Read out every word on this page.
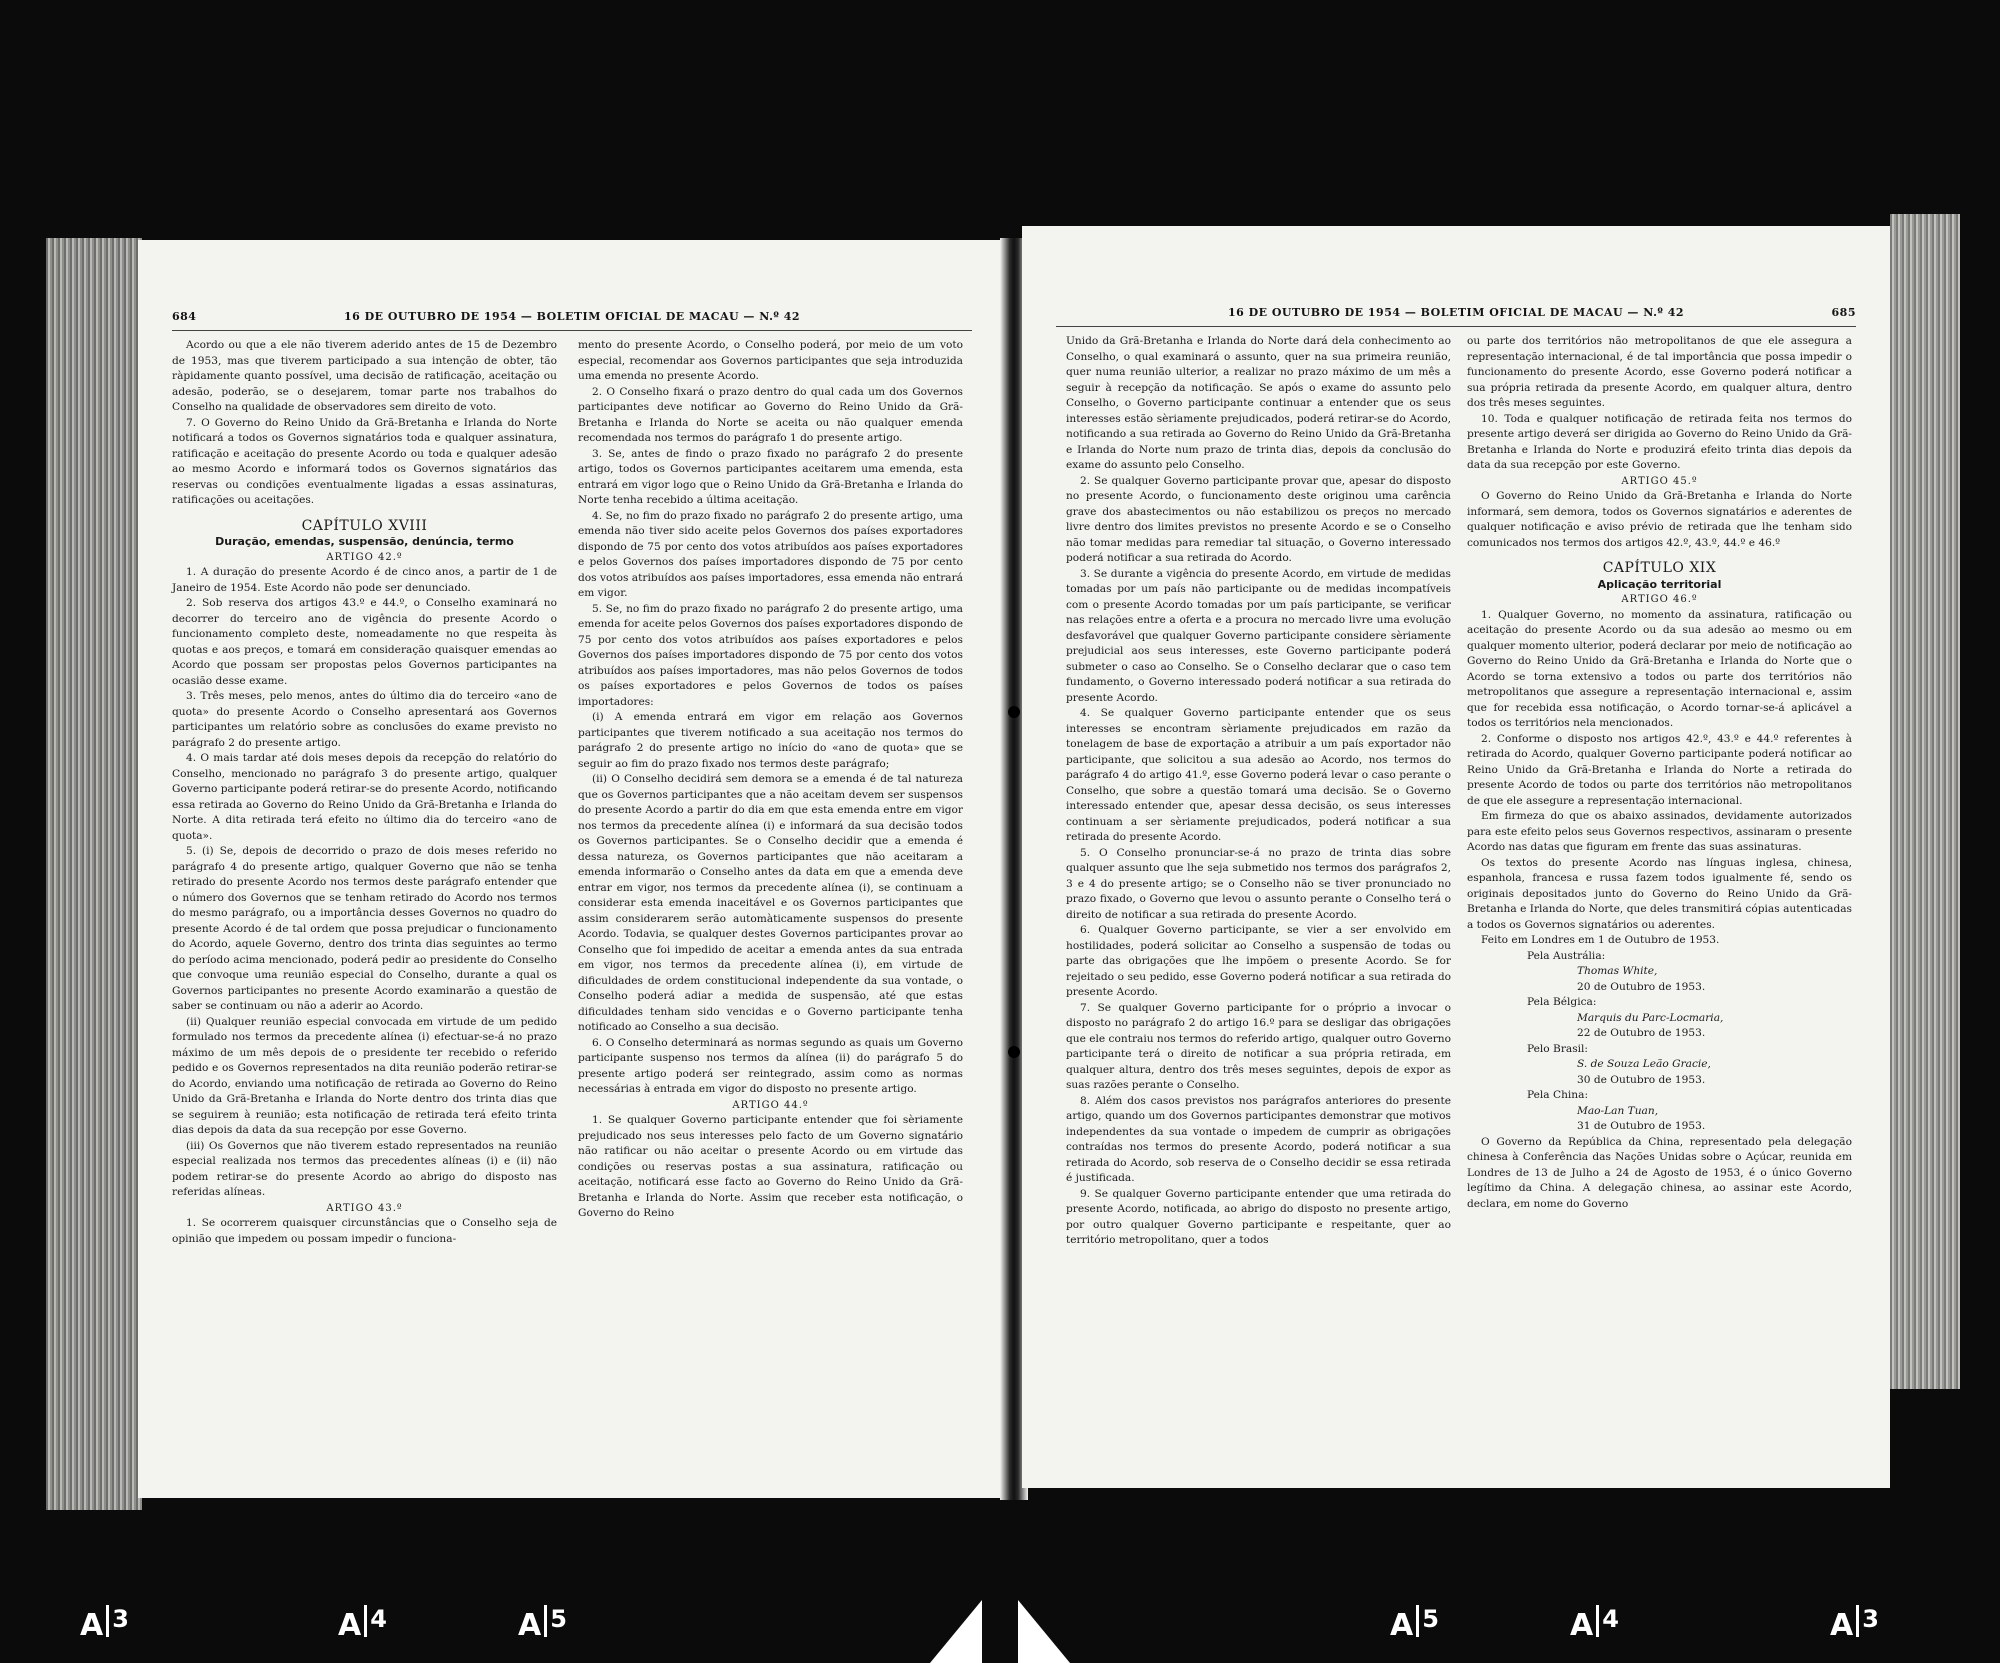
684	16 DE OUTUBRO DE 1954 — BOLETIM OFICIAL DE MACAU — N.º 42

Acordo ou que a ele não tiverem aderido antes de 15 de Dezembro de 1953, mas que tiverem participado a sua intenção de obter, tão ràpidamente quanto possível, uma decisão de ratificação, aceitação ou adesão, poderão, se o desejarem, tomar parte nos trabalhos do Conselho na qualidade de observadores sem direito de voto.

7. O Governo do Reino Unido da Grã-Bretanha e Irlanda do Norte notificará a todos os Governos signatários toda e qualquer assinatura, ratificação e aceitação do presente Acordo ou toda e qualquer adesão ao mesmo Acordo e informará todos os Governos signatários das reservas ou condições eventualmente ligadas a essas assinaturas, ratificações ou aceitações.

CAPÍTULO XVIII

Duração, emendas, suspensão, denúncia, termo

ARTIGO 42.º

1. A duração do presente Acordo é de cinco anos, a partir de 1 de Janeiro de 1954. Este Acordo não pode ser denunciado.

2. Sob reserva dos artigos 43.º e 44.º, o Conselho examinará no decorrer do terceiro ano de vigência do presente Acordo o funcionamento completo deste, nomeadamente no que respeita às quotas e aos preços, e tomará em consideração quaisquer emendas ao Acordo que possam ser propostas pelos Governos participantes na ocasião desse exame.

3. Três meses, pelo menos, antes do último dia do terceiro «ano de quota» do presente Acordo o Conselho apresentará aos Governos participantes um relatório sobre as conclusões do exame previsto no parágrafo 2 do presente artigo.

4. O mais tardar até dois meses depois da recepção do relatório do Conselho, mencionado no parágrafo 3 do presente artigo, qualquer Governo participante poderá retirar-se do presente Acordo, notificando essa retirada ao Governo do Reino Unido da Grã-Bretanha e Irlanda do Norte. A dita retirada terá efeito no último dia do terceiro «ano de quota».

5. (i) Se, depois de decorrido o prazo de dois meses referido no parágrafo 4 do presente artigo, qualquer Governo que não se tenha retirado do presente Acordo nos termos deste parágrafo entender que o número dos Governos que se tenham retirado do Acordo nos termos do mesmo parágrafo, ou a importância desses Governos no quadro do presente Acordo é de tal ordem que possa prejudicar o funcionamento do Acordo, aquele Governo, dentro dos trinta dias seguintes ao termo do período acima mencionado, poderá pedir ao presidente do Conselho que convoque uma reunião especial do Conselho, durante a qual os Governos participantes no presente Acordo examinarão a questão de saber se continuam ou não a aderir ao Acordo.

(ii) Qualquer reunião especial convocada em virtude de um pedido formulado nos termos da precedente alínea (i) efectuar-se-á no prazo máximo de um mês depois de o presidente ter recebido o referido pedido e os Governos representados na dita reunião poderão retirar-se do Acordo, enviando uma notificação de retirada ao Governo do Reino Unido da Grã-Bretanha e Irlanda do Norte dentro dos trinta dias que se seguirem à reunião; esta notificação de retirada terá efeito trinta dias depois da data da sua recepção por esse Governo.

(iii) Os Governos que não tiverem estado representados na reunião especial realizada nos termos das precedentes alíneas (i) e (ii) não podem retirar-se do presente Acordo ao abrigo do disposto nas referidas alíneas.

ARTIGO 43.º

1. Se ocorrerem quaisquer circunstâncias que o Conselho seja de opinião que impedem ou possam impedir o funciona-

mento do presente Acordo, o Conselho poderá, por meio de um voto especial, recomendar aos Governos participantes que seja introduzida uma emenda no presente Acordo.

2. O Conselho fixará o prazo dentro do qual cada um dos Governos participantes deve notificar ao Governo do Reino Unido da Grã-Bretanha e Irlanda do Norte se aceita ou não qualquer emenda recomendada nos termos do parágrafo 1 do presente artigo.

3. Se, antes de findo o prazo fixado no parágrafo 2 do presente artigo, todos os Governos participantes aceitarem uma emenda, esta entrará em vigor logo que o Reino Unido da Grã-Bretanha e Irlanda do Norte tenha recebido a última aceitação.

4. Se, no fim do prazo fixado no parágrafo 2 do presente artigo, uma emenda não tiver sido aceite pelos Governos dos países exportadores dispondo de 75 por cento dos votos atribuídos aos países exportadores e pelos Governos dos países importadores dispondo de 75 por cento dos votos atribuídos aos países importadores, essa emenda não entrará em vigor.

5. Se, no fim do prazo fixado no parágrafo 2 do presente artigo, uma emenda for aceite pelos Governos dos países exportadores dispondo de 75 por cento dos votos atribuídos aos países exportadores e pelos Governos dos países importadores dispondo de 75 por cento dos votos atribuídos aos países importadores, mas não pelos Governos de todos os países exportadores e pelos Governos de todos os países importadores:

(i) A emenda entrará em vigor em relação aos Governos participantes que tiverem notificado a sua aceitação nos termos do parágrafo 2 do presente artigo no início do «ano de quota» que se seguir ao fim do prazo fixado nos termos deste parágrafo;

(ii) O Conselho decidirá sem demora se a emenda é de tal natureza que os Governos participantes que a não aceitam devem ser suspensos do presente Acordo a partir do dia em que esta emenda entre em vigor nos termos da precedente alínea (i) e informará da sua decisão todos os Governos participantes. Se o Conselho decidir que a emenda é dessa natureza, os Governos participantes que não aceitaram a emenda informarão o Conselho antes da data em que a emenda deve entrar em vigor, nos termos da precedente alínea (i), se continuam a considerar esta emenda inaceitável e os Governos participantes que assim considerarem serão automàticamente suspensos do presente Acordo. Todavia, se qualquer destes Governos participantes provar ao Conselho que foi impedido de aceitar a emenda antes da sua entrada em vigor, nos termos da precedente alínea (i), em virtude de dificuldades de ordem constitucional independente da sua vontade, o Conselho poderá adiar a medida de suspensão, até que estas dificuldades tenham sido vencidas e o Governo participante tenha notificado ao Conselho a sua decisão.

6. O Conselho determinará as normas segundo as quais um Governo participante suspenso nos termos da alínea (ii) do parágrafo 5 do presente artigo poderá ser reintegrado, assim como as normas necessárias à entrada em vigor do disposto no presente artigo.

ARTIGO 44.º

1. Se qualquer Governo participante entender que foi sèriamente prejudicado nos seus interesses pelo facto de um Governo signatário não ratificar ou não aceitar o presente Acordo ou em virtude das condições ou reservas postas a sua assinatura, ratificação ou aceitação, notificará esse facto ao Governo do Reino Unido da Grã-Bretanha e Irlanda do Norte. Assim que receber esta notificação, o Governo do Reino

16 DE OUTUBRO DE 1954 — BOLETIM OFICIAL DE MACAU — N.º 42	685

Unido da Grã-Bretanha e Irlanda do Norte dará dela conhecimento ao Conselho, o qual examinará o assunto, quer na sua primeira reunião, quer numa reunião ulterior, a realizar no prazo máximo de um mês a seguir à recepção da notificação. Se após o exame do assunto pelo Conselho, o Governo participante continuar a entender que os seus interesses estão sèriamente prejudicados, poderá retirar-se do Acordo, notificando a sua retirada ao Governo do Reino Unido da Grã-Bretanha e Irlanda do Norte num prazo de trinta dias, depois da conclusão do exame do assunto pelo Conselho.

2. Se qualquer Governo participante provar que, apesar do disposto no presente Acordo, o funcionamento deste originou uma carência grave dos abastecimentos ou não estabilizou os preços no mercado livre dentro dos limites previstos no presente Acordo e se o Conselho não tomar medidas para remediar tal situação, o Governo interessado poderá notificar a sua retirada do Acordo.

3. Se durante a vigência do presente Acordo, em virtude de medidas tomadas por um país não participante ou de medidas incompatíveis com o presente Acordo tomadas por um país participante, se verificar nas relações entre a oferta e a procura no mercado livre uma evolução desfavorável que qualquer Governo participante considere sèriamente prejudicial aos seus interesses, este Governo participante poderá submeter o caso ao Conselho. Se o Conselho declarar que o caso tem fundamento, o Governo interessado poderá notificar a sua retirada do presente Acordo.

4. Se qualquer Governo participante entender que os seus interesses se encontram sèriamente prejudicados em razão da tonelagem de base de exportação a atribuir a um país exportador não participante, que solicitou a sua adesão ao Acordo, nos termos do parágrafo 4 do artigo 41.º, esse Governo poderá levar o caso perante o Conselho, que sobre a questão tomará uma decisão. Se o Governo interessado entender que, apesar dessa decisão, os seus interesses continuam a ser sèriamente prejudicados, poderá notificar a sua retirada do presente Acordo.

5. O Conselho pronunciar-se-á no prazo de trinta dias sobre qualquer assunto que lhe seja submetido nos termos dos parágrafos 2, 3 e 4 do presente artigo; se o Conselho não se tiver pronunciado no prazo fixado, o Governo que levou o assunto perante o Conselho terá o direito de notificar a sua retirada do presente Acordo.

6. Qualquer Governo participante, se vier a ser envolvido em hostilidades, poderá solicitar ao Conselho a suspensão de todas ou parte das obrigações que lhe impõem o presente Acordo. Se for rejeitado o seu pedido, esse Governo poderá notificar a sua retirada do presente Acordo.

7. Se qualquer Governo participante for o próprio a invocar o disposto no parágrafo 2 do artigo 16.º para se desligar das obrigações que ele contraiu nos termos do referido artigo, qualquer outro Governo participante terá o direito de notificar a sua própria retirada, em qualquer altura, dentro dos três meses seguintes, depois de expor as suas razões perante o Conselho.

8. Além dos casos previstos nos parágrafos anteriores do presente artigo, quando um dos Governos participantes demonstrar que motivos independentes da sua vontade o impedem de cumprir as obrigações contraídas nos termos do presente Acordo, poderá notificar a sua retirada do Acordo, sob reserva de o Conselho decidir se essa retirada é justificada.

9. Se qualquer Governo participante entender que uma retirada do presente Acordo, notificada, ao abrigo do disposto no presente artigo, por outro qualquer Governo participante e respeitante, quer ao território metropolitano, quer a todos

ou parte dos territórios não metropolitanos de que ele assegura a representação internacional, é de tal importância que possa impedir o funcionamento do presente Acordo, esse Governo poderá notificar a sua própria retirada da presente Acordo, em qualquer altura, dentro dos três meses seguintes.

10. Toda e qualquer notificação de retirada feita nos termos do presente artigo deverá ser dirigida ao Governo do Reino Unido da Grã-Bretanha e Irlanda do Norte e produzirá efeito trinta dias depois da data da sua recepção por este Governo.

ARTIGO 45.º

O Governo do Reino Unido da Grã-Bretanha e Irlanda do Norte informará, sem demora, todos os Governos signatários e aderentes de qualquer notificação e aviso prévio de retirada que lhe tenham sido comunicados nos termos dos artigos 42.º, 43.º, 44.º e 46.º

CAPÍTULO XIX

Aplicação territorial

ARTIGO 46.º

1. Qualquer Governo, no momento da assinatura, ratificação ou aceitação do presente Acordo ou da sua adesão ao mesmo ou em qualquer momento ulterior, poderá declarar por meio de notificação ao Governo do Reino Unido da Grã-Bretanha e Irlanda do Norte que o Acordo se torna extensivo a todos ou parte dos territórios não metropolitanos que assegure a representação internacional e, assim que for recebida essa notificação, o Acordo tornar-se-á aplicável a todos os territórios nela mencionados.

2. Conforme o disposto nos artigos 42.º, 43.º e 44.º referentes à retirada do Acordo, qualquer Governo participante poderá notificar ao Reino Unido da Grã-Bretanha e Irlanda do Norte a retirada do presente Acordo de todos ou parte dos territórios não metropolitanos de que ele assegure a representação internacional.

Em firmeza do que os abaixo assinados, devidamente autorizados para este efeito pelos seus Governos respectivos, assinaram o presente Acordo nas datas que figuram em frente das suas assinaturas.

Os textos do presente Acordo nas línguas inglesa, chinesa, espanhola, francesa e russa fazem todos igualmente fé, sendo os originais depositados junto do Governo do Reino Unido da Grã-Bretanha e Irlanda do Norte, que deles transmitirá cópias autenticadas a todos os Governos signatários ou aderentes.

Feito em Londres em 1 de Outubro de 1953.

Pela Austrália:

Thomas White,

20 de Outubro de 1953.

Pela Bélgica:

Marquis du Parc-Locmaria,

22 de Outubro de 1953.

Pelo Brasil:

S. de Souza Leão Gracie,

30 de Outubro de 1953.

Pela China:

Mao-Lan Tuan,

31 de Outubro de 1953.

O Governo da República da China, representado pela delegação chinesa à Conferência das Nações Unidas sobre o Açúcar, reunida em Londres de 13 de Julho a 24 de Agosto de 1953, é o único Governo legítimo da China. A delegação chinesa, ao assinar este Acordo, declara, em nome do Governo

A 3	A 4	A 5	A 5	A 4	A 3
